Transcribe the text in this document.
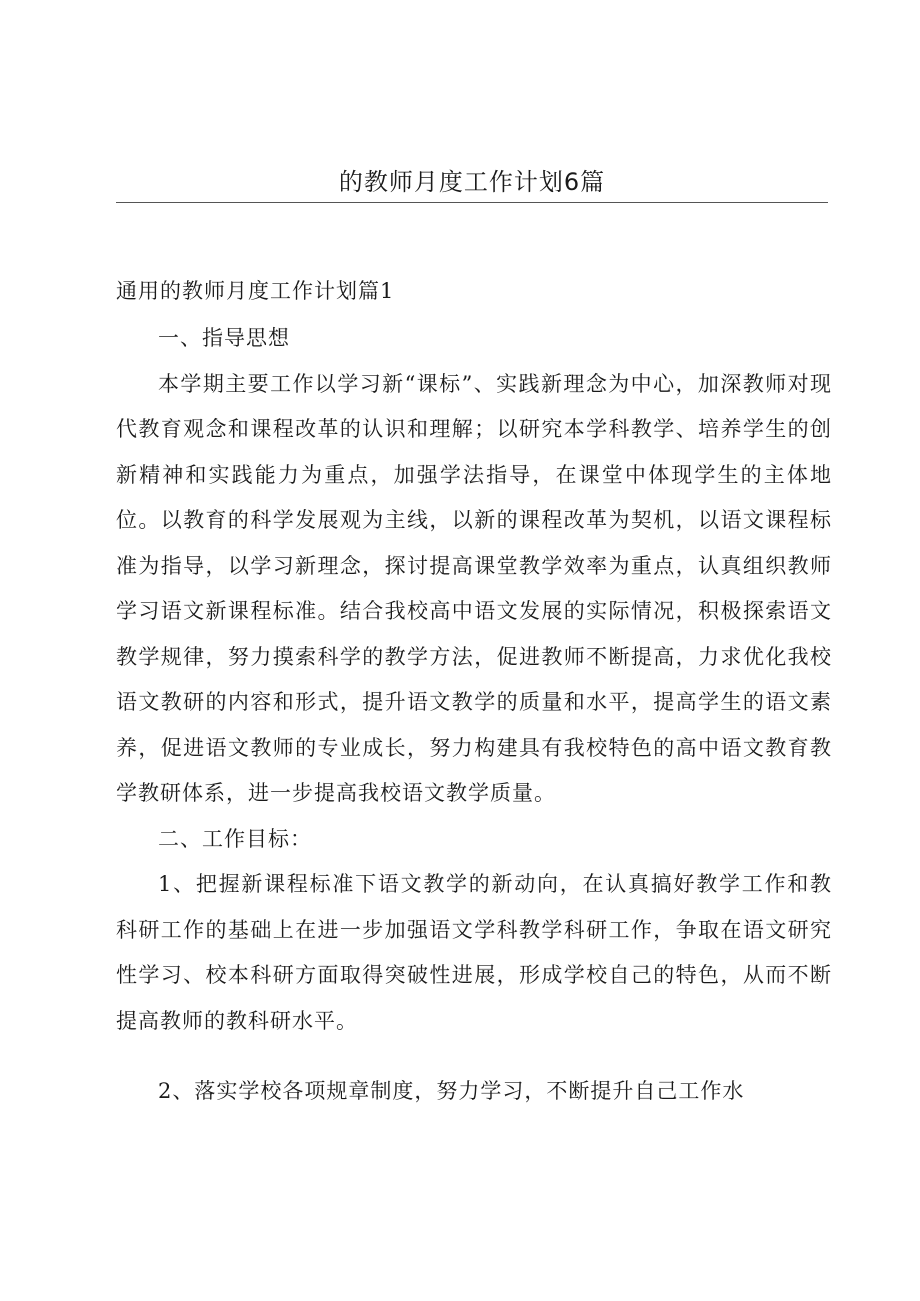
的教师月度工作计划6篇
通用的教师月度工作计划篇1

一、指导思想

本学期主要工作以学习新“课标”、实践新理念为中心，加深教师对现代教育观念和课程改革的认识和理解；以研究本学科教学、培养学生的创新精神和实践能力为重点，加强学法指导，在课堂中体现学生的主体地位。以教育的科学发展观为主线，以新的课程改革为契机，以语文课程标准为指导，以学习新理念，探讨提高课堂教学效率为重点，认真组织教师学习语文新课程标准。结合我校高中语文发展的实际情况，积极探索语文教学规律，努力摸索科学的教学方法，促进教师不断提高，力求优化我校语文教研的内容和形式，提升语文教学的质量和水平，提高学生的语文素养，促进语文教师的专业成长，努力构建具有我校特色的高中语文教育教学教研体系，进一步提高我校语文教学质量。

二、工作目标：

1、把握新课程标准下语文教学的新动向，在认真搞好教学工作和教科研工作的基础上在进一步加强语文学科教学科研工作，争取在语文研究性学习、校本科研方面取得突破性进展，形成学校自己的特色，从而不断提高教师的教科研水平。

2、落实学校各项规章制度，努力学习，不断提升自己工作水
